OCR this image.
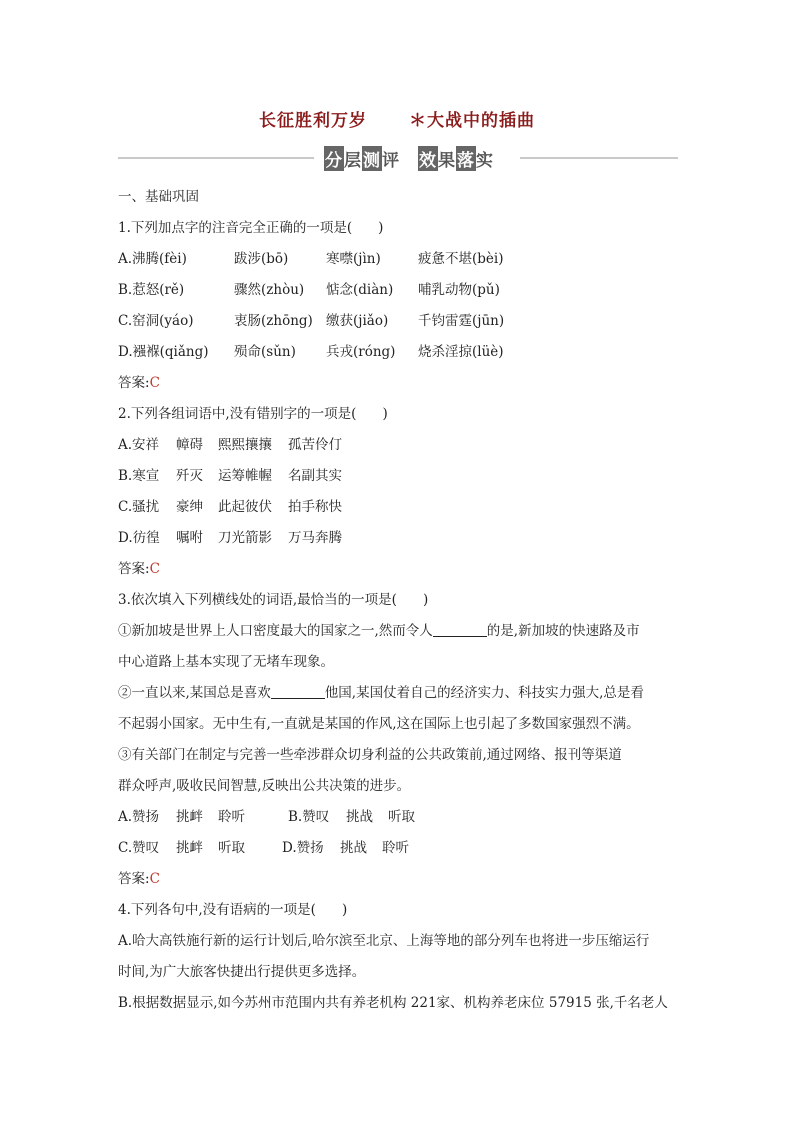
长征胜利万岁 ＊大战中的插曲
分层测评 效果落实
一、基础巩固
1.下列加点字的注音完全正确的一项是( )
A.沸腾(fèi)	跋涉(bō)	寒噤(jìn)	疲惫不堪(bèi)
B.惹怒(rě)	骤然(zhòu) 惦念(diàn) 哺乳动物(pǔ)
C.窑洞(yáo)	衷肠(zhōng) 缴获(jiǎo) 千钧雷霆(jūn)
D.襁褓(qiǎng) 殒命(sǔn) 兵戎(róng) 烧杀淫掠(lüè)
答案:C
2.下列各组词语中,没有错别字的一项是( )
A.安祥 幛碍 熙熙攘攘 孤苦伶仃
B.寒宣 歼灭 运筹帷幄 名副其实
C.骚扰 豪绅 此起彼伏 拍手称快
D.彷徨 嘱咐 刀光箭影 万马奔腾
答案:C
3.依次填入下列横线处的词语,最恰当的一项是( )
①新加坡是世界上人口密度最大的国家之一,然而令人	的是,新加坡的快速路及市
中心道路上基本实现了无堵车现象。
②一直以来,某国总是喜欢	他国,某国仗着自己的经济实力、科技实力强大,总是看
不起弱小国家。无中生有,一直就是某国的作风,这在国际上也引起了多数国家强烈不满。
③有关部门在制定与完善一些牵涉群众切身利益的公共政策前,通过网络、报刊等渠道
群众呼声,吸收民间智慧,反映出公共决策的进步。
A.赞扬 挑衅 聆听	B.赞叹 挑战 听取
C.赞叹 挑衅 听取	D.赞扬 挑战 聆听
答案:C
4.下列各句中,没有语病的一项是( )
A.哈大高铁施行新的运行计划后,哈尔滨至北京、上海等地的部分列车也将进一步压缩运行
时间,为广大旅客快捷出行提供更多选择。
B.根据数据显示,如今苏州市范围内共有养老机构 221家、机构养老床位 57915 张,千名老人
